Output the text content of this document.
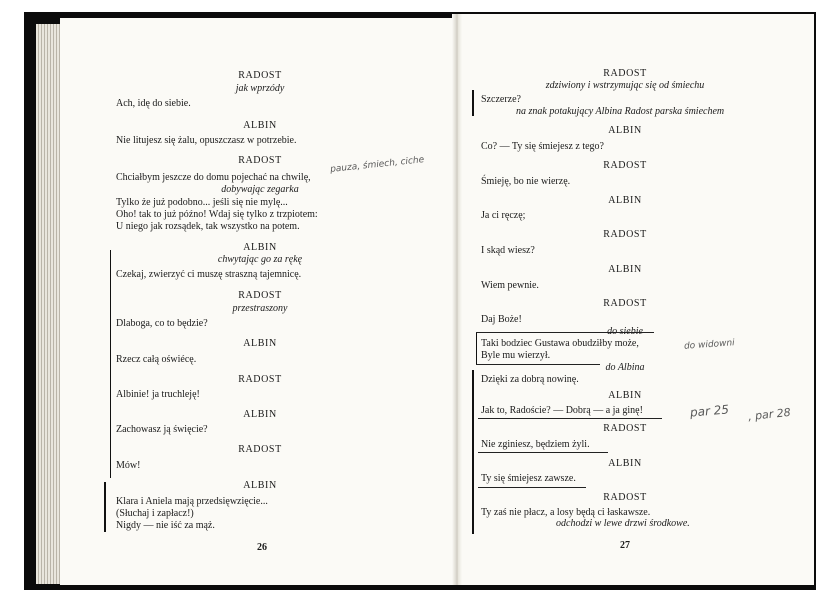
RADOST
jak wprzódy
Ach, idę do siebie.
ALBIN
Nie litujesz się żalu, opuszczasz w potrzebie.
RADOST
Chciałbym jeszcze do domu pojechać na chwilę,
dobywając zegarka
Tylko że już podobno... jeśli się nie mylę...
Oho! tak to już późno! Wdaj się tylko z trzpiotem:
U niego jak rozsądek, tak wszystko na potem.
ALBIN
chwytając go za rękę
Czekaj, zwierzyć ci muszę straszną tajemnicę.
RADOST
przestraszony
Dlaboga, co to będzie?
ALBIN
Rzecz całą oświécę.
RADOST
Albinie! ja truchleję!
ALBIN
Zachowasz ją święcie?
RADOST
Mów!
ALBIN
Klara i Aniela mają przedsięwzięcie...
(Słuchaj i zapłacz!)
Nigdy — nie iść za mąż.
26
pauza, śmiech, ciche
RADOST
zdziwiony i wstrzymując się od śmiechu
Szczerze?
na znak potakujący Albina Radost parska śmiechem
ALBIN
Co? — Ty się śmiejesz z tego?
RADOST
Śmieję, bo nie wierzę.
ALBIN
Ja ci ręczę;
RADOST
I skąd wiesz?
ALBIN
Wiem pewnie.
RADOST
Daj Boże!
Taki bodziec Gustawa obudziłby może,
Byle mu wierzył.
do Albina
Dzięki za dobrą nowinę.
ALBIN
Jak to, Radoście? — Dobrą — a ja ginę!
RADOST
Nie zginiesz, będziem żyli.
ALBIN
Ty się śmiejesz zawsze.
RADOST
Ty zaś nie płacz, a losy będą ci łaskawsze.
odchodzi w lewe drzwi środkowe.
27
do widowni
par 25 , par 28
